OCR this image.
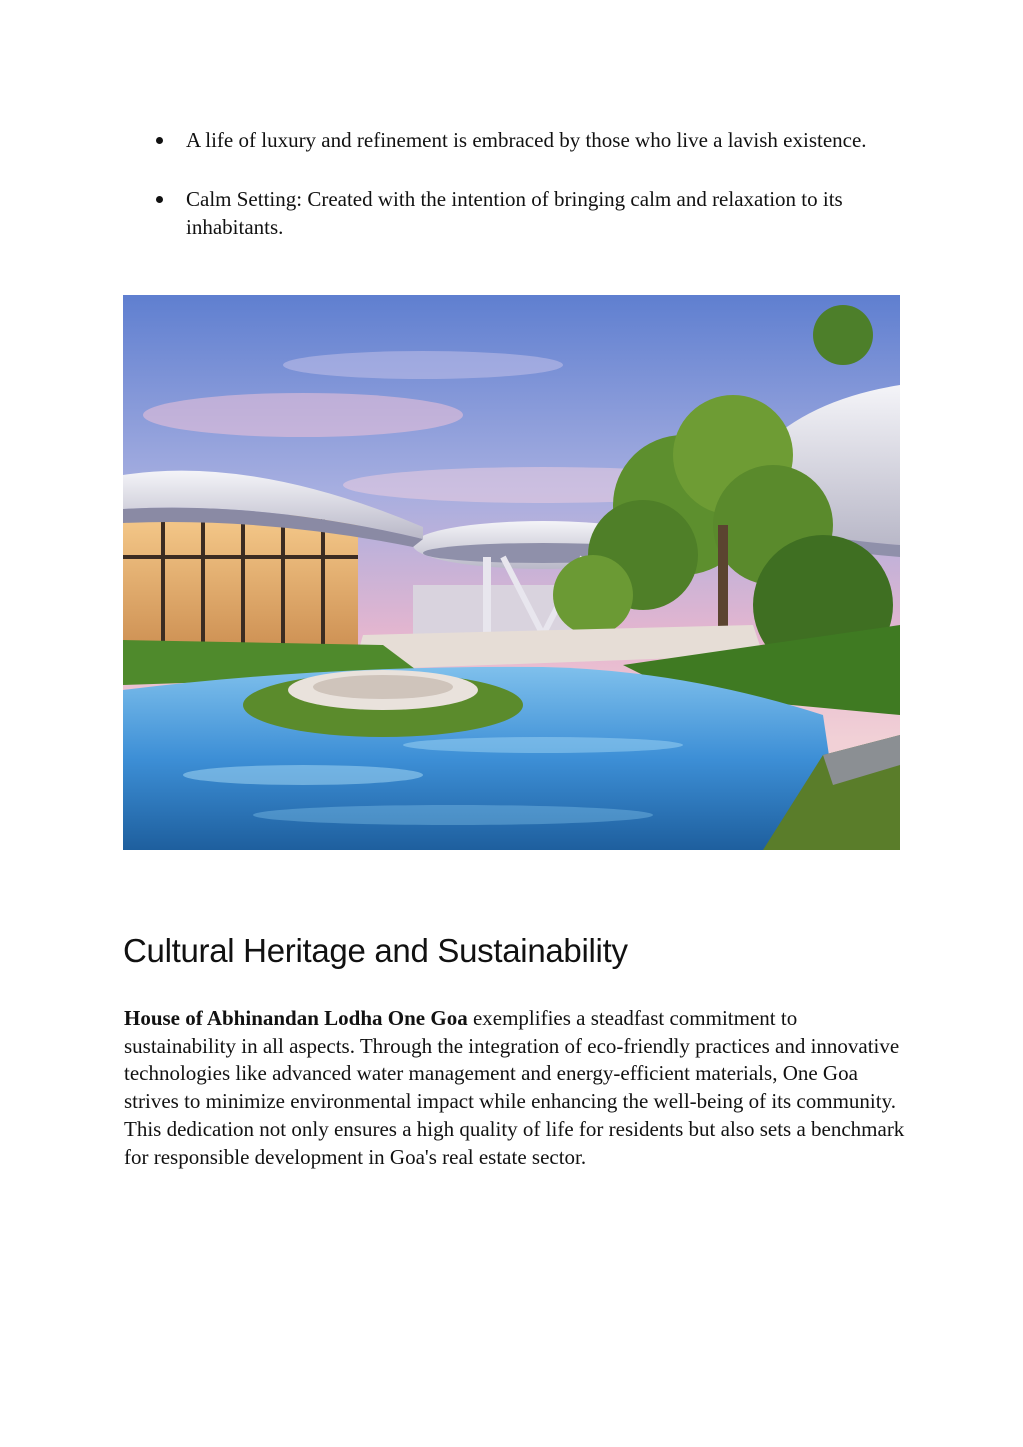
A life of luxury and refinement is embraced by those who live a lavish existence.
Calm Setting: Created with the intention of bringing calm and relaxation to its inhabitants.
Cultural Heritage and Sustainability

House of Abhinandan Lodha One Goa exemplifies a steadfast commitment to sustainability in all aspects. Through the integration of eco-friendly practices and innovative technologies like advanced water management and energy-efficient materials, One Goa strives to minimize environmental impact while enhancing the well-being of its community. This dedication not only ensures a high quality of life for residents but also sets a benchmark for responsible development in Goa's real estate sector.
